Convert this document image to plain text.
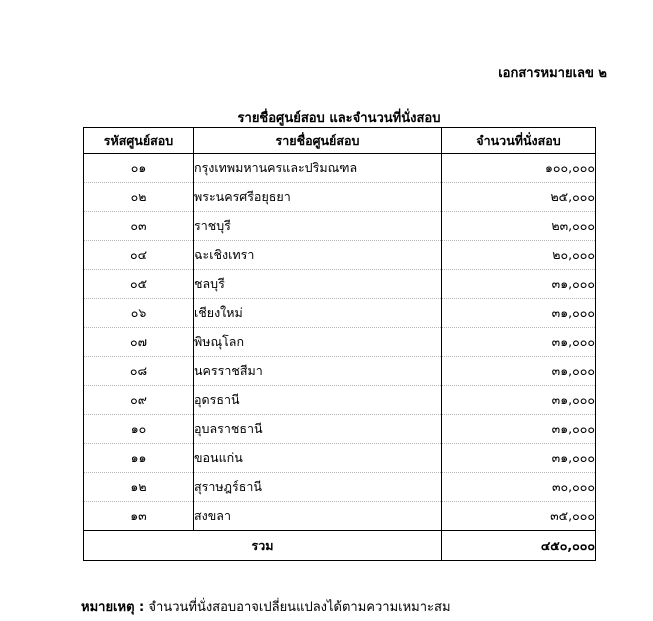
เอกสารหมายเลข ๒
รายชื่อศูนย์สอบ และจำนวนที่นั่งสอบ
รหัสศูนย์สอบ	รายชื่อศูนย์สอบ	จำนวนที่นั่งสอบ
๐๑	กรุงเทพมหานครและปริมณฑล	๑๐๐,๐๐๐
๐๒	พระนครศรีอยุธยา	๒๕,๐๐๐
๐๓	ราชบุรี	๒๓,๐๐๐
๐๔	ฉะเชิงเทรา	๒๐,๐๐๐
๐๕	ชลบุรี	๓๑,๐๐๐
๐๖	เชียงใหม่	๓๑,๐๐๐
๐๗	พิษณุโลก	๓๑,๐๐๐
๐๘	นครราชสีมา	๓๑,๐๐๐
๐๙	อุดรธานี	๓๑,๐๐๐
๑๐	อุบลราชธานี	๓๑,๐๐๐
๑๑	ขอนแก่น	๓๑,๐๐๐
๑๒	สุราษฎร์ธานี	๓๐,๐๐๐
๑๓	สงขลา	๓๕,๐๐๐
รวม		๔๕๐,๐๐๐
หมายเหตุ : จำนวนที่นั่งสอบอาจเปลี่ยนแปลงได้ตามความเหมาะสม
